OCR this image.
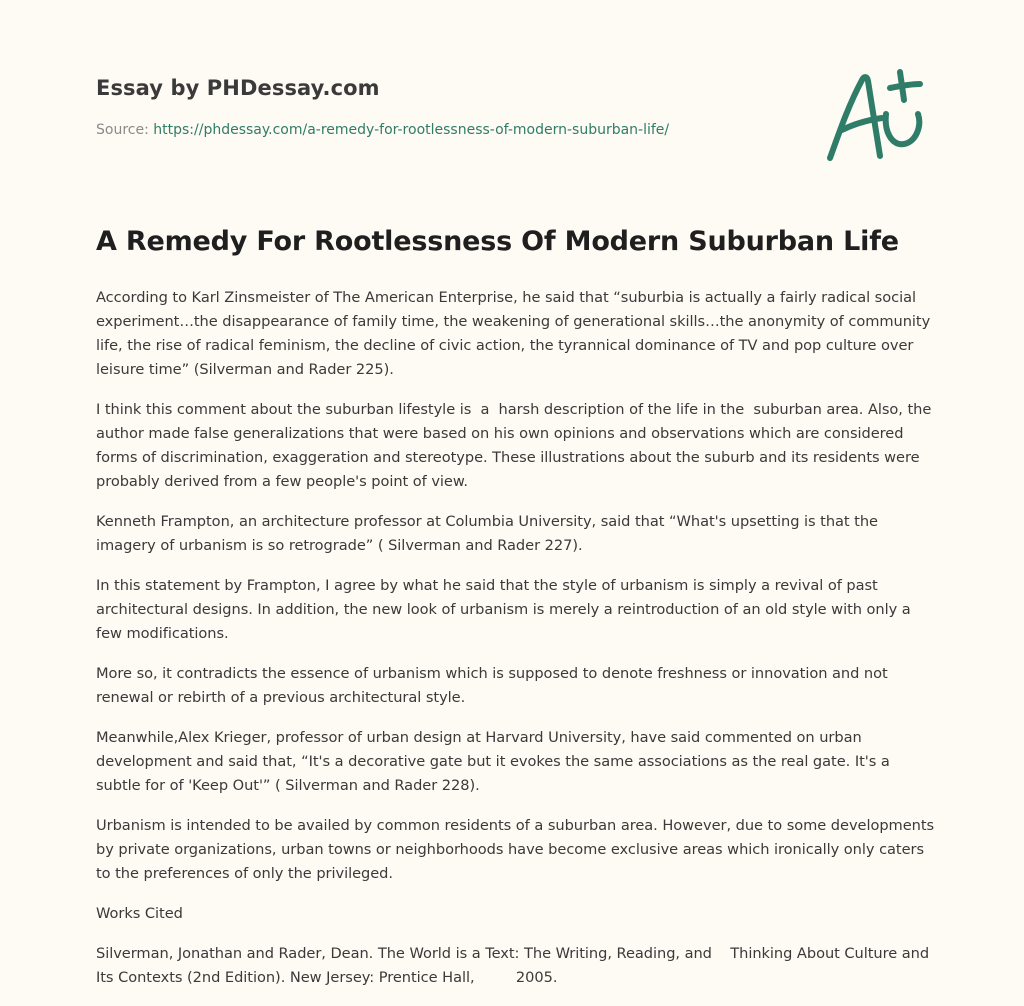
Essay by PHDessay.com
Source: https://phdessay.com/a-remedy-for-rootlessness-of-modern-suburban-life/
A Remedy For Rootlessness Of Modern Suburban Life

According to Karl Zinsmeister of The American Enterprise, he said that “suburbia is actually a fairly radical social experiment…the disappearance of family time, the weakening of generational skills…the anonymity of community life, the rise of radical feminism, the decline of civic action, the tyrannical dominance of TV and pop culture over leisure time” (Silverman and Rader 225).

I think this comment about the suburban lifestyle is  a  harsh description of the life in the  suburban area. Also, the author made false generalizations that were based on his own opinions and observations which are considered forms of discrimination, exaggeration and stereotype. These illustrations about the suburb and its residents were probably derived from a few people's point of view.

Kenneth Frampton, an architecture professor at Columbia University, said that “What's upsetting is that the imagery of urbanism is so retrograde” ( Silverman and Rader 227).

In this statement by Frampton, I agree by what he said that the style of urbanism is simply a revival of past architectural designs. In addition, the new look of urbanism is merely a reintroduction of an old style with only a few modifications.

More so, it contradicts the essence of urbanism which is supposed to denote freshness or innovation and not renewal or rebirth of a previous architectural style.

Meanwhile,Alex Krieger, professor of urban design at Harvard University, have said commented on urban development and said that, “It's a decorative gate but it evokes the same associations as the real gate. It's a subtle for of 'Keep Out'” ( Silverman and Rader 228).

Urbanism is intended to be availed by common residents of a suburban area. However, due to some developments by private organizations, urban towns or neighborhoods have become exclusive areas which ironically only caters to the preferences of only the privileged.

Works Cited

Silverman, Jonathan and Rader, Dean. The World is a Text: The Writing, Reading, and    Thinking About Culture and Its Contexts (2nd Edition). New Jersey: Prentice Hall,         2005.
